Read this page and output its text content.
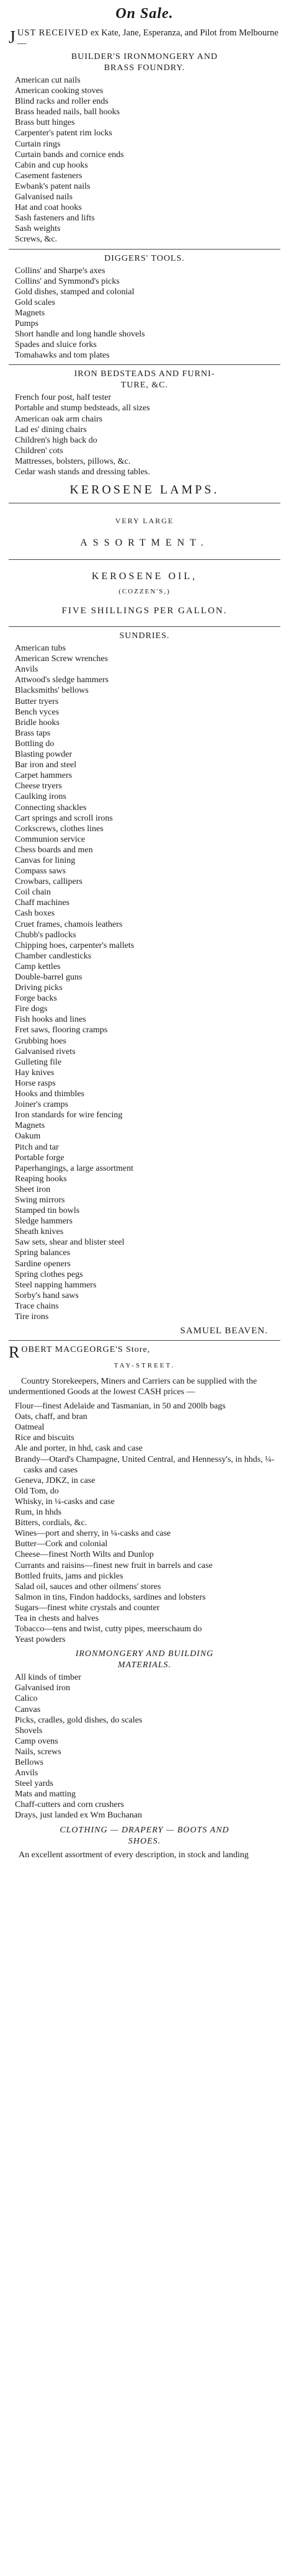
On Sale.
JUST RECEIVED ex Kate, Jane, Esperanza, and Pilot from Melbourne —
BUILDER'S IRONMONGERY AND
BRASS FOUNDRY.
American cut nails
American cooking stoves
Blind racks and roller ends
Brass headed nails, ball hooks
Brass butt hinges
Carpenter's patent rim locks
Curtain rings
Curtain bands and cornice ends
Cabin and cup hooks
Casement fasteners
Ewbank's patent nails
Galvanised nails
Hat and coat hooks
Sash fasteners and lifts
Sash weights
Screws, &c.
DIGGERS' TOOLS.
Collins' and Sharpe's axes
Collins' and Symmond's picks
Gold dishes, stamped and colonial
Gold scales
Magnets
Pumps
Short handle and long handle shovels
Spades and sluice forks
Tomahawks and tom plates
IRON BEDSTEADS AND FURNI-
TURE, &C.
French four post, half tester
Portable and stump bedsteads, all sizes
American oak arm chairs
Lad es' dining chairs
Children's high back do
Children' cots
Mattresses, bolsters, pillows, &c.
Cedar wash stands and dressing tables.
KEROSENE LAMPS.
VERY LARGE
ASSORTMENT.
KEROSENE OIL,
(COZZEN'S,)
FIVE SHILLINGS PER GALLON.
SUNDRIES.
American tubs
American Screw wrenches
Anvils
Attwood's sledge hammers
Blacksmiths' bellows
Butter tryers
Bench vyces
Bridle hooks
Brass taps
Bottling do
Blasting powder
Bar iron and steel
Carpet hammers
Cheese tryers
Caulking irons
Connecting shackles
Cart springs and scroll irons
Corkscrews, clothes lines
Communion service
Chess boards and men
Canvas for lining
Compass saws
Crowbars, callipers
Coil chain
Chaff machines
Cash boxes
Cruet frames, chamois leathers
Chubb's padlocks
Chipping hoes, carpenter's mallets
Chamber candlesticks
Camp kettles
Double-barrel guns
Driving picks
Forge backs
Fire dogs
Fish hooks and lines
Fret saws, flooring cramps
Grubbing hoes
Galvanised rivets
Gulleting file
Hay knives
Horse rasps
Hooks and thimbles
Joiner's cramps
Iron standards for wire fencing
Magnets
Oakum
Pitch and tar
Portable forge
Paperhangings, a large assortment
Reaping hooks
Sheet iron
Swing mirrors
Stamped tin bowls
Sledge hammers
Sheath knives
Saw sets, shear and blister steel
Spring balances
Sardine openers
Spring clothes pegs
Steel napping hammers
Sorby's hand saws
Trace chains
Tire irons
SAMUEL BEAVEN.
ROBERT MACGEORGE'S Store,
TAY-STREET.
Country Storekeepers, Miners and Carriers can be supplied with the undermentioned Goods at the lowest CASH prices —
Flour—finest Adelaide and Tasmanian, in 50 and 200lb bags
Oats, chaff, and bran
Oatmeal
Rice and biscuits
Ale and porter, in hhd, cask and case
Brandy—Otard's Champagne, United Central, and Hennessy's, in hhds, ¼-casks and cases
Geneva, JDKZ, in case
Old Tom, do
Whisky, in ¼-casks and case
Rum, in hhds
Bitters, cordials, &c.
Wines—port and sherry, in ¼-casks and case
Butter—Cork and colonial
Cheese—finest North Wilts and Dunlop
Currants and raisins—finest new fruit in barrels and case
Bottled fruits, jams and pickles
Salad oil, sauces and other oilmens' stores
Salmon in tins, Findon haddocks, sardines and lobsters
Sugars—finest white crystals and counter
Tea in chests and halves
Tobacco—tens and twist, cutty pipes, meerschaum do
Yeast powders
IRONMONGERY AND BUILDING
MATERIALS.
All kinds of timber
Galvanised iron
Calico
Canvas
Picks, cradles, gold dishes, do scales
Shovels
Camp ovens
Nails, screws
Bellows
Anvils
Steel yards
Mats and matting
Chaff-cutters and corn crushers
Drays, just landed ex Wm Buchanan
CLOTHING — DRAPERY — BOOTS AND
SHOES.
An excellent assortment of every description, in stock and landing
